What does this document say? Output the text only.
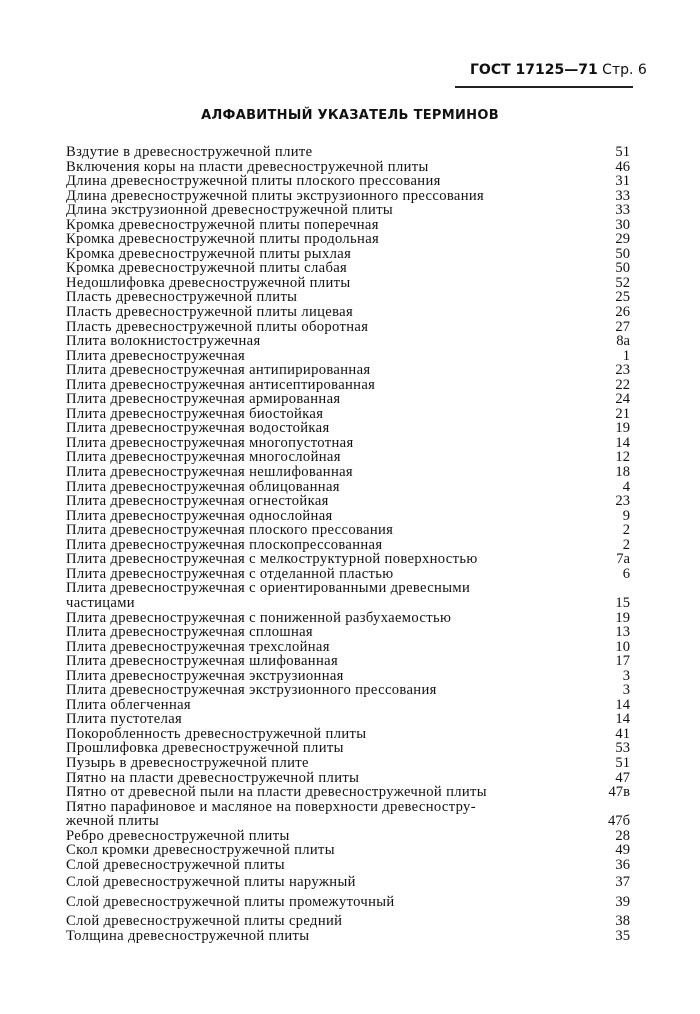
ГОСТ 17125—71 Стр. 6
АЛФАВИТНЫЙ УКАЗАТЕЛЬ ТЕРМИНОВ
Вздутие в древесностружечной плите	51
Включения коры на пласти древесностружечной плиты	46
Длина древесностружечной плиты плоского прессования	31
Длина древесностружечной плиты экструзионного прессования	33
Длина экструзионной древесностружечной плиты	33
Кромка древесностружечной плиты поперечная	30
Кромка древесностружечной плиты продольная	29
Кромка древесностружечной плиты рыхлая	50
Кромка древесностружечной плиты слабая	50
Недошлифовка древесностружечной плиты	52
Пласть древесностружечной плиты	25
Пласть древесностружечной плиты лицевая	26
Пласть древесностружечной плиты оборотная	27
Плита волокнистостружечная	8а
Плита древесностружечная	1
Плита древесностружечная антипирированная	23
Плита древесностружечная антисептированная	22
Плита древесностружечная армированная	24
Плита древесностружечная биостойкая	21
Плита древесностружечная водостойкая	19
Плита древесностружечная многопустотная	14
Плита древесностружечная многослойная	12
Плита древесностружечная нешлифованная	18
Плита древесностружечная облицованная	4
Плита древесностружечная огнестойкая	23
Плита древесностружечная однослойная	9
Плита древесностружечная плоского прессования	2
Плита древесностружечная плоскопрессованная	2
Плита древесностружечная с мелкоструктурной поверхностью	7а
Плита древесностружечная с отделанной пластью	6
Плита древесностружечная с ориентированными древесными
частицами	15
Плита древесностружечная с пониженной разбухаемостью	19
Плита древесностружечная сплошная	13
Плита древесностружечная трехслойная	10
Плита древесностружечная шлифованная	17
Плита древесностружечная экструзионная	3
Плита древесностружечная экструзионного прессования	3
Плита облегченная	14
Плита пустотелая	14
Покоробленность древесностружечной плиты	41
Прошлифовка древесностружечной плиты	53
Пузырь в древесностружечной плите	51
Пятно на пласти древесностружечной плиты	47
Пятно от древесной пыли на пласти древесностружечной плиты	47в
Пятно парафиновое и масляное на поверхности древесностру-
жечной плиты	47б
Ребро древесностружечной плиты	28
Скол кромки древесностружечной плиты	49
Слой древесностружечной плиты	36
Слой древесностружечной плиты наружный	37
Слой древесностружечной плиты промежуточный	39
Слой древесностружечной плиты средний	38
Толщина древесностружечной плиты	35
